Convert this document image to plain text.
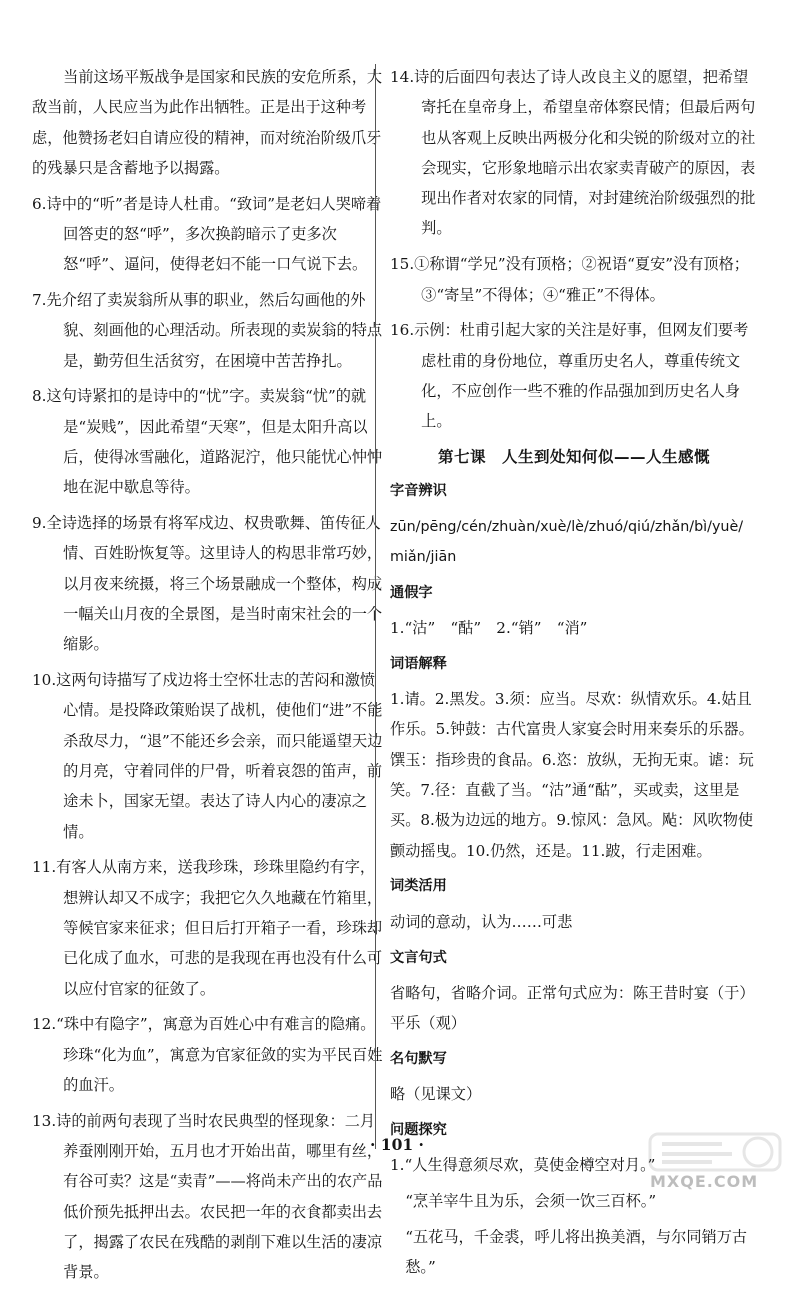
当前这场平叛战争是国家和民族的安危所系，大敌当前，人民应当为此作出牺牲。正是出于这种考虑，他赞扬老妇自请应役的精神，而对统治阶级爪牙的残暴只是含蓄地予以揭露。
6.诗中的“听”者是诗人杜甫。“致词”是老妇人哭啼着回答吏的怒“呼”，多次换韵暗示了吏多次怒“呼”、逼问，使得老妇不能一口气说下去。
7.先介绍了卖炭翁所从事的职业，然后勾画他的外貌、刻画他的心理活动。所表现的卖炭翁的特点是，勤劳但生活贫穷，在困境中苦苦挣扎。
8.这句诗紧扣的是诗中的“忧”字。卖炭翁“忧”的就是“炭贱”，因此希望“天寒”，但是太阳升高以后，使得冰雪融化，道路泥泞，他只能忧心忡忡地在泥中歇息等待。
9.全诗选择的场景有将军戍边、权贵歌舞、笛传征人情、百姓盼恢复等。这里诗人的构思非常巧妙，以月夜来统摄，将三个场景融成一个整体，构成一幅关山月夜的全景图，是当时南宋社会的一个缩影。
10.这两句诗描写了戍边将士空怀壮志的苦闷和激愤心情。是投降政策贻误了战机，使他们“进”不能杀敌尽力，“退”不能还乡会亲，而只能遥望天边的月亮，守着同伴的尸骨，听着哀怨的笛声，前途未卜，国家无望。表达了诗人内心的凄凉之情。
11.有客人从南方来，送我珍珠，珍珠里隐约有字，想辨认却又不成字；我把它久久地藏在竹箱里，等候官家来征求；但日后打开箱子一看，珍珠却已化成了血水，可悲的是我现在再也没有什么可以应付官家的征敛了。
12.“珠中有隐字”，寓意为百姓心中有难言的隐痛。珍珠“化为血”，寓意为官家征敛的实为平民百姓的血汗。
13.诗的前两句表现了当时农民典型的怪现象：二月养蚕刚刚开始，五月也才开始出苗，哪里有丝，有谷可卖？这是“卖青”——将尚未产出的农产品低价预先抵押出去。农民把一年的衣食都卖出去了，揭露了农民在残酷的剥削下难以生活的凄凉背景。
14.诗的后面四句表达了诗人改良主义的愿望，把希望寄托在皇帝身上，希望皇帝体察民情；但最后两句也从客观上反映出两极分化和尖锐的阶级对立的社会现实，它形象地暗示出农家卖青破产的原因，表现出作者对农家的同情，对封建统治阶级强烈的批判。
15.①称谓“学兄”没有顶格；②祝语“夏安”没有顶格；③“寄呈”不得体；④“雅正”不得体。
16.示例：杜甫引起大家的关注是好事，但网友们要考虑杜甫的身份地位，尊重历史名人，尊重传统文化，不应创作一些不雅的作品强加到历史名人身上。
第七课　人生到处知何似——人生感慨
字音辨识
zūn/pēng/cén/zhuàn/xuè/lè/zhuó/qiú/zhǎn/bì/yuè/
miǎn/jiān
通假字
1.“沽”　“酤”　2.“销”　“消”
词语解释
1.请。2.黑发。3.须：应当。尽欢：纵情欢乐。4.姑且作乐。5.钟鼓：古代富贵人家宴会时用来奏乐的乐器。馔玉：指珍贵的食品。6.恣：放纵，无拘无束。谑：玩笑。7.径：直截了当。“沽”通“酤”，买或卖，这里是买。8.极为边远的地方。9.惊风：急风。飐：风吹物使颤动摇曳。10.仍然，还是。11.跛，行走困难。
词类活用
动词的意动，认为……可悲
文言句式
省略句，省略介词。正常句式应为：陈王昔时宴（于）平乐（观）
名句默写
略（见课文）
问题探究
1.“人生得意须尽欢，莫使金樽空对月。”
“烹羊宰牛且为乐，会须一饮三百杯。”
“五花马，千金裘，呼儿将出换美酒，与尔同销万古愁。”
· 101 ·
MXQE.COM
